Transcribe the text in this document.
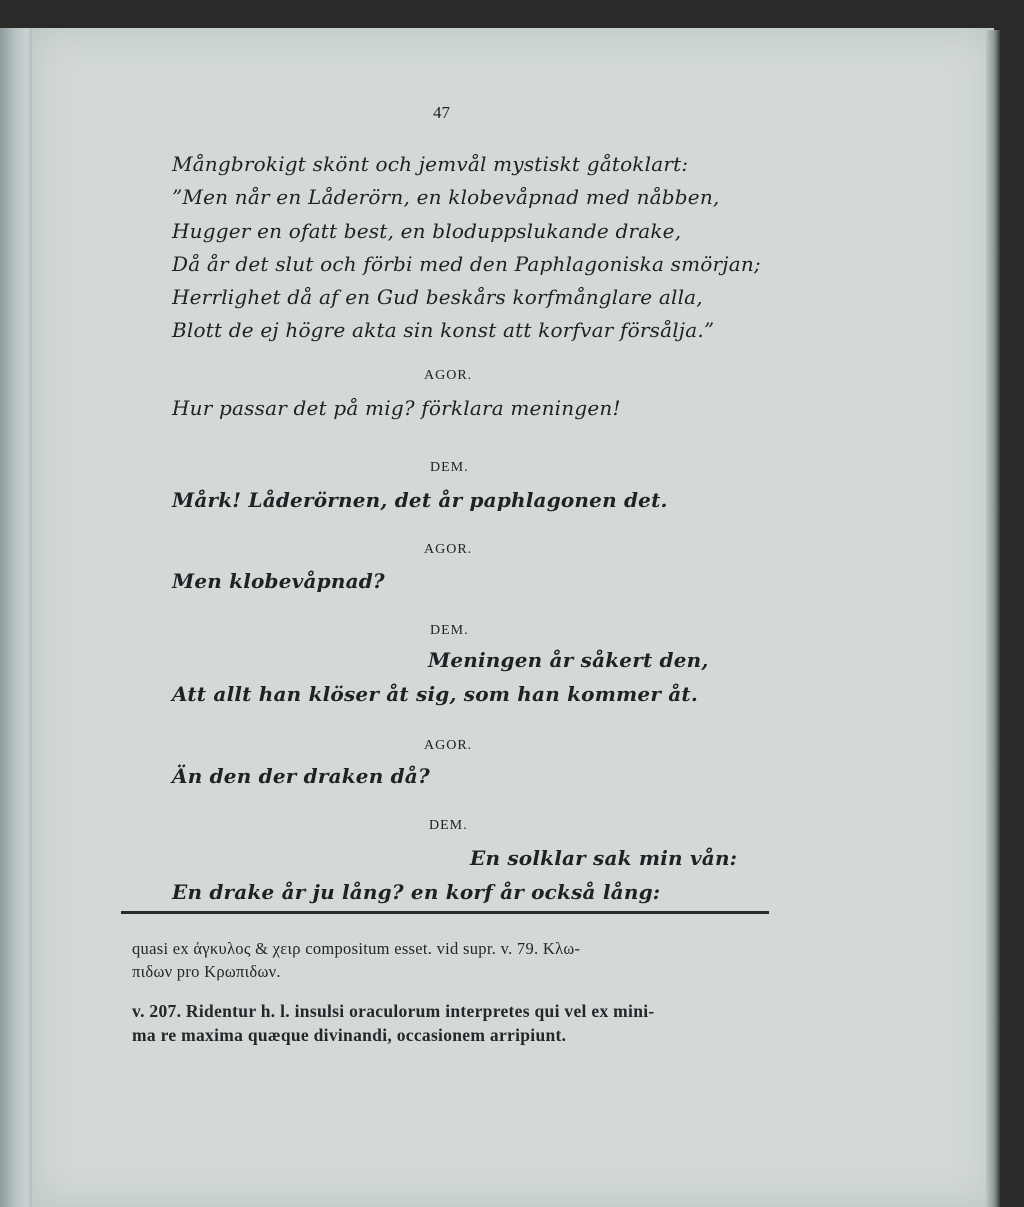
47
Mångbrokigt skönt och jemvål mystiskt gåtoklart:
”Men når en Låderörn, en klobevåpnad med nåbben,
Hugger en ofatt best, en bloduppslukande drake,
Då år det slut och förbi med den Paphlagoniska smörjan;
Herrlighet då af en Gud beskårs korfmånglare alla,
Blott de ej högre akta sin konst att korfvar försålja.”
AGOR.
Hur passar det på mig? förklara meningen!
DEM.
Mårk! Låderörnen, det år paphlagonen det.
AGOR.
Men klobevåpnad?
DEM.
Meningen år såkert den,
Att allt han klöser åt sig, som han kommer åt.
AGOR.
Än den der draken då?
DEM.
En solklar sak min vån:
En drake år ju lång? en korf år också lång:
quasi ex ἀγκυλος & χειρ compositum esset. vid supr. v. 79. Κλω-
πιδων pro Κρωπιδων.
v. 207. Ridentur h. l. insulsi oraculorum interpretes qui vel ex mini-
ma re maxima quæque divinandi, occasionem arripiunt.
